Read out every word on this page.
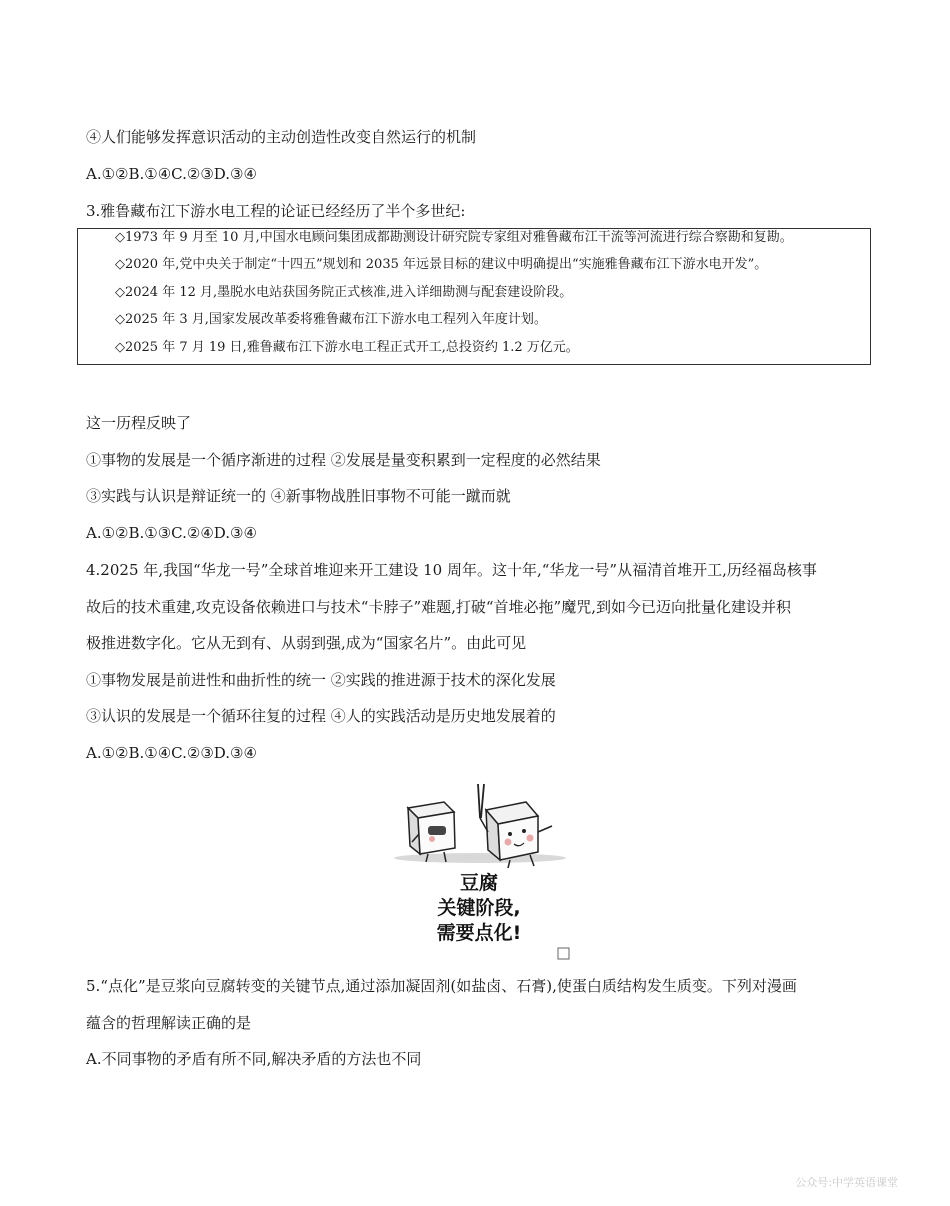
④人们能够发挥意识活动的主动创造性改变自然运行的机制
A.①②B.①④C.②③D.③④
3.雅鲁藏布江下游水电工程的论证已经经历了半个多世纪:
◇1973 年 9 月至 10 月,中国水电顾问集团成都勘测设计研究院专家组对雅鲁藏布江干流等河流进行综合察勘和复勘。
◇2020 年,党中央关于制定“十四五”规划和 2035 年远景目标的建议中明确提出“实施雅鲁藏布江下游水电开发”。
◇2024 年 12 月,墨脱水电站获国务院正式核准,进入详细勘测与配套建设阶段。
◇2025 年 3 月,国家发展改革委将雅鲁藏布江下游水电工程列入年度计划。
◇2025 年 7 月 19 日,雅鲁藏布江下游水电工程正式开工,总投资约 1.2 万亿元。
这一历程反映了
①事物的发展是一个循序渐进的过程 ②发展是量变积累到一定程度的必然结果
③实践与认识是辩证统一的 ④新事物战胜旧事物不可能一蹴而就
A.①②B.①③C.②④D.③④
4.2025 年,我国“华龙一号”全球首堆迎来开工建设 10 周年。这十年,“华龙一号”从福清首堆开工,历经福岛核事
故后的技术重建,攻克设备依赖进口与技术“卡脖子”难题,打破“首堆必拖”魔咒,到如今已迈向批量化建设并积
极推进数字化。它从无到有、从弱到强,成为“国家名片”。由此可见
①事物发展是前进性和曲折性的统一 ②实践的推进源于技术的深化发展
③认识的发展是一个循环往复的过程 ④人的实践活动是历史地发展着的
A.①②B.①④C.②③D.③④
豆腐
关键阶段,
需要点化!
5.“点化”是豆浆向豆腐转变的关键节点,通过添加凝固剂(如盐卤、石膏),使蛋白质结构发生质变。下列对漫画
蕴含的哲理解读正确的是
A.不同事物的矛盾有所不同,解决矛盾的方法也不同
公众号:中学英语课堂
